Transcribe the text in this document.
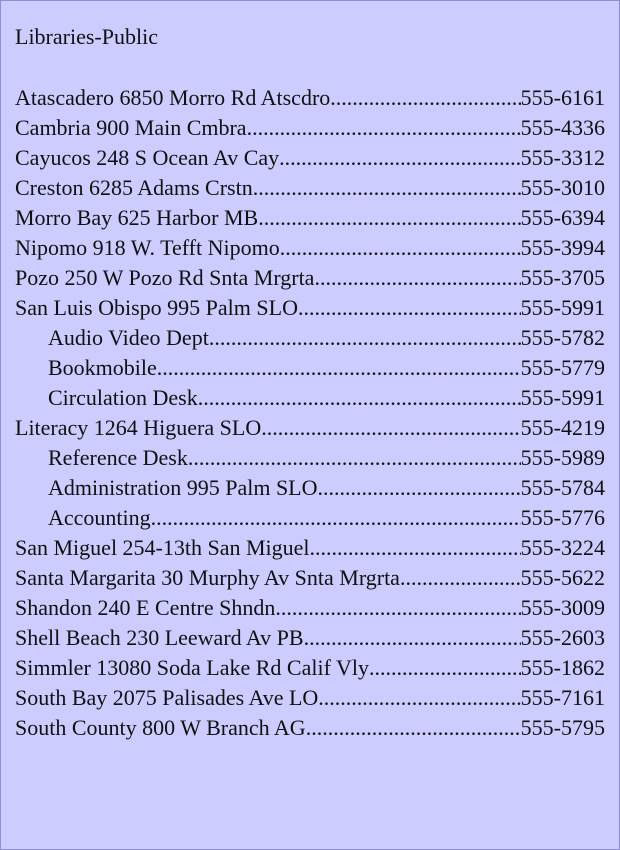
Libraries-Public
Atascadero 6850 Morro Rd Atscdro .....	555-6161
Cambria 900 Main Cmbra .....	555-4336
Cayucos 248 S Ocean Av Cay .....	555-3312
Creston 6285 Adams Crstn .....	555-3010
Morro Bay 625 Harbor MB .....	555-6394
Nipomo 918 W. Tefft Nipomo .....	555-3994
Pozo 250 W Pozo Rd Snta Mrgrta .....	555-3705
San Luis Obispo 995 Palm SLO .....	555-5991
Audio Video Dept .....	555-5782
Bookmobile .....	555-5779
Circulation Desk .....	555-5991
Literacy 1264 Higuera SLO .....	555-4219
Reference Desk .....	555-5989
Administration 995 Palm SLO .....	555-5784
Accounting .....	555-5776
San Miguel 254-13th San Miguel .....	555-3224
Santa Margarita 30 Murphy Av Snta Mrgrta .....	555-5622
Shandon 240 E Centre Shndn .....	555-3009
Shell Beach 230 Leeward Av PB .....	555-2603
Simmler 13080 Soda Lake Rd Calif Vly .....	555-1862
South Bay 2075 Palisades Ave LO .....	555-7161
South County 800 W Branch AG .....	555-5795
